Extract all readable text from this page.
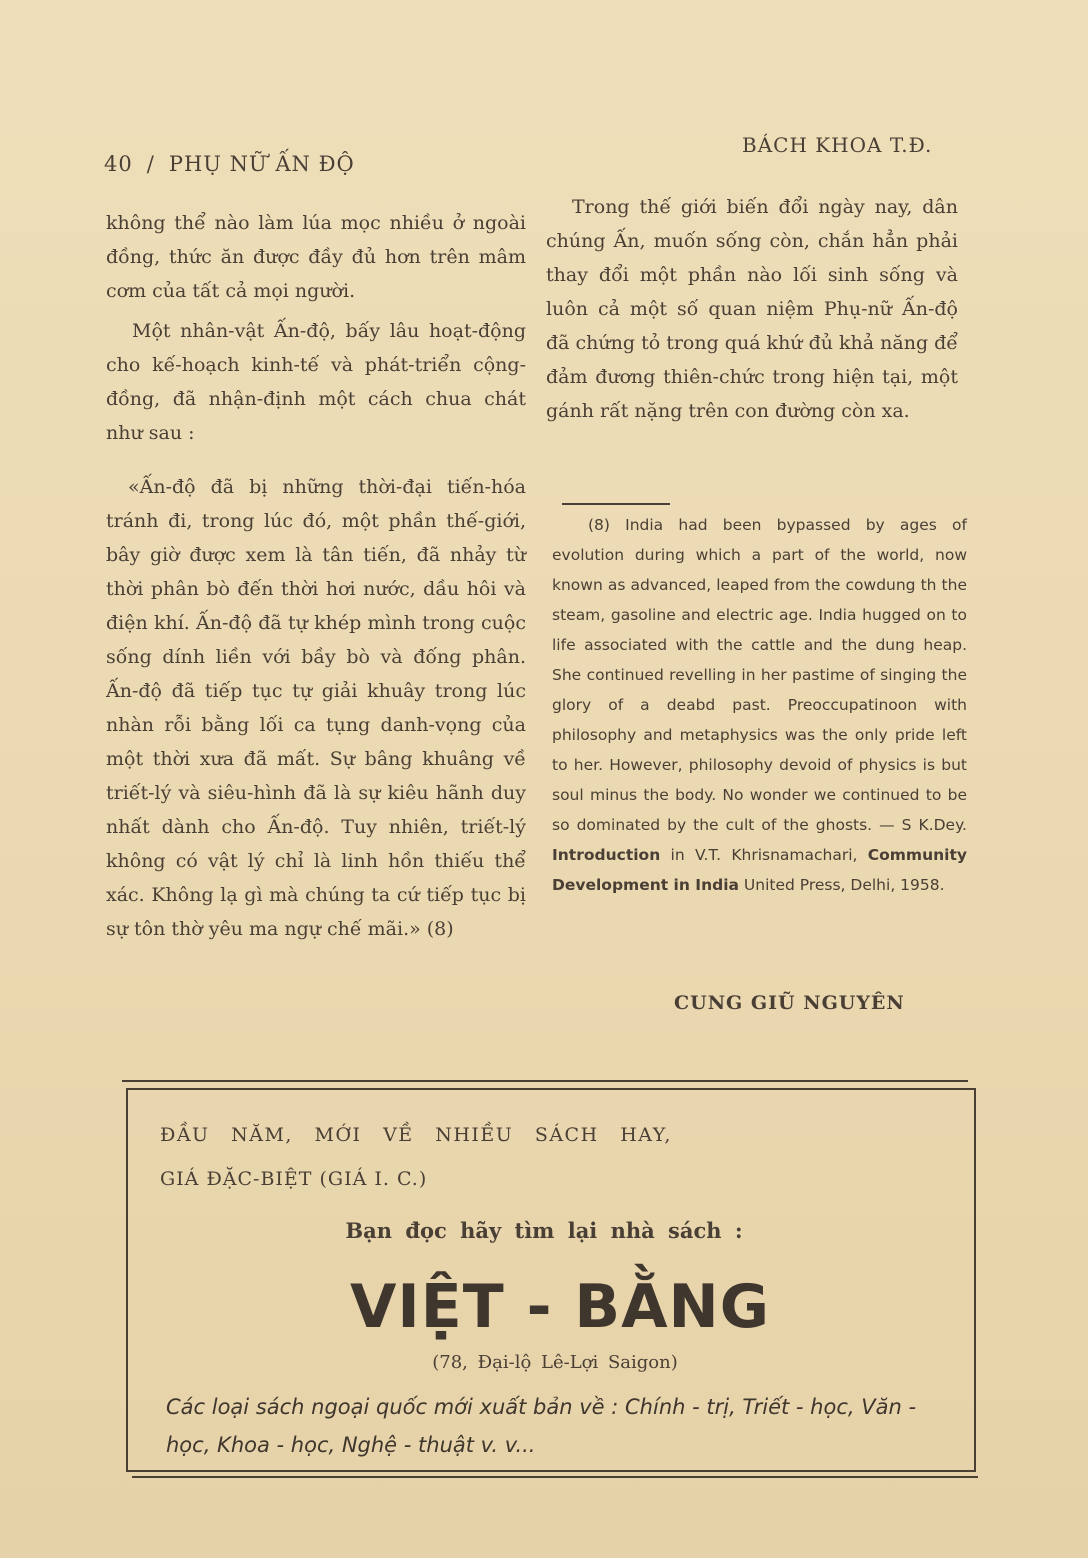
40 / PHỤ NỮ ẤN ĐỘ
BÁCH KHOA T.Đ.

không thể nào làm lúa mọc nhiều ở ngoài đồng, thức ăn được đầy đủ hơn trên mâm cơm của tất cả mọi người.

Một nhân-vật Ấn-độ, bấy lâu hoạt-động cho kế-hoạch kinh-tế và phát-triển cộng-đồng, đã nhận-định một cách chua chát như sau :

«Ấn-độ đã bị những thời-đại tiến-hóa tránh đi, trong lúc đó, một phần thế-giới, bây giờ được xem là tân tiến, đã nhảy từ thời phân bò đến thời hơi nước, dầu hôi và điện khí. Ấn-độ đã tự khép mình trong cuộc sống dính liền với bầy bò và đống phân. Ấn-độ đã tiếp tục tự giải khuây trong lúc nhàn rỗi bằng lối ca tụng danh-vọng của một thời xưa đã mất. Sự bâng khuâng về triết-lý và siêu-hình đã là sự kiêu hãnh duy nhất dành cho Ấn-độ. Tuy nhiên, triết-lý không có vật lý chỉ là linh hồn thiếu thể xác. Không lạ gì mà chúng ta cứ tiếp tục bị sự tôn thờ yêu ma ngự chế mãi.» (8)

Trong thế giới biến đổi ngày nay, dân chúng Ấn, muốn sống còn, chắn hẳn phải thay đổi một phần nào lối sinh sống và luôn cả một số quan niệm Phụ-nữ Ấn-độ đã chứng tỏ trong quá khứ đủ khả năng để đảm đương thiên-chức trong hiện tại, một gánh rất nặng trên con đường còn xa.

(8) India had been bypassed by ages of evolution during which a part of the world, now known as advanced, leaped from the cowdung th the steam, gasoline and electric age. India hugged on to life associated with the cattle and the dung heap. She continued revelling in her pastime of singing the glory of a deabd past. Preoccupatinoon with philosophy and metaphysics was the only pride left to her. However, philosophy devoid of physics is but soul minus the body. No wonder we continued to be so dominated by the cult of the ghosts. — S K.Dey. Introduction in V.T. Khrisnamachari, Community Development in India United Press, Delhi, 1958.

CUNG GIŨ NGUYÊN
ĐẦU NĂM, MỚI VỀ NHIỀU SÁCH HAY,
GIÁ ĐẶC-BIỆT (GIÁ I. C.)
Bạn đọc hãy tìm lại nhà sách :
VIỆT - BẰNG
(78, Đại-lộ Lê-Lợi Saigon)
Các loại sách ngoại quốc mới xuất bản về : Chính - trị, Triết - học, Văn - học, Khoa - học, Nghệ - thuật v. v...
